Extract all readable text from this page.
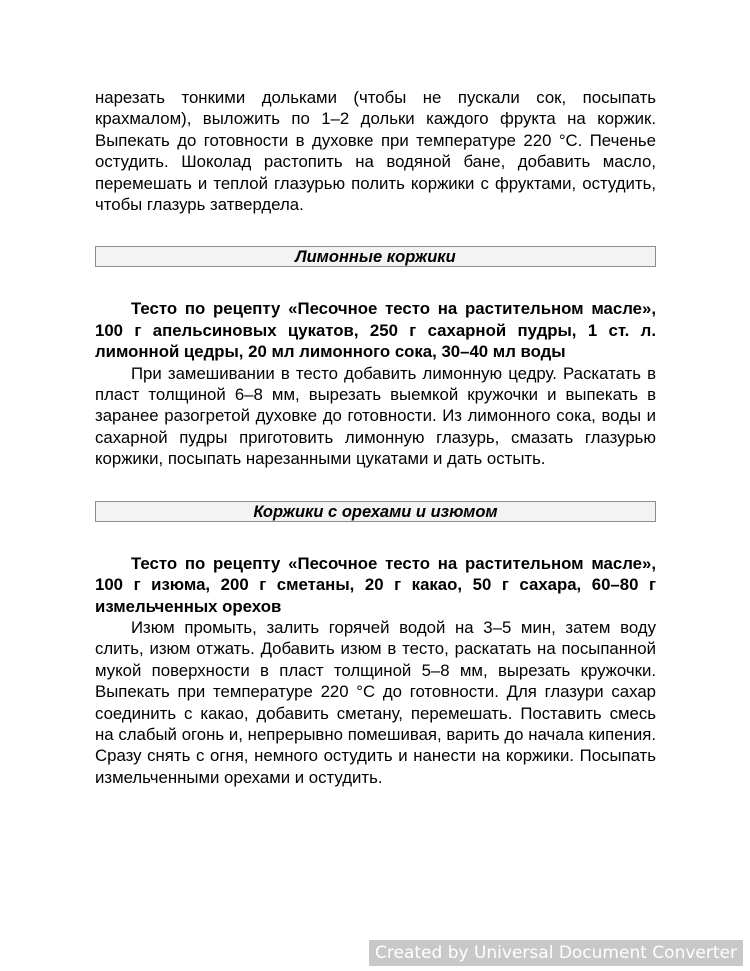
нарезать тонкими дольками (чтобы не пускали сок, посыпать крахмалом), выложить по 1–2 дольки каждого фрукта на коржик. Выпекать до готовности в духовке при температуре 220 °С. Печенье остудить. Шоколад растопить на водяной бане, добавить масло, перемешать и теплой глазурью полить коржики с фруктами, остудить, чтобы глазурь затвердела.

Лимонные коржики

Тесто по рецепту «Песочное тесто на растительном масле», 100 г апельсиновых цукатов, 250 г сахарной пудры, 1 ст. л. лимонной цедры, 20 мл лимонного сока, 30–40 мл воды

При замешивании в тесто добавить лимонную цедру. Раскатать в пласт толщиной 6–8 мм, вырезать выемкой кружочки и выпекать в заранее разогретой духовке до готовности. Из лимонного сока, воды и сахарной пудры приготовить лимонную глазурь, смазать глазурью коржики, посыпать нарезанными цукатами и дать остыть.

Коржики с орехами и изюмом

Тесто по рецепту «Песочное тесто на растительном масле», 100 г изюма, 200 г сметаны, 20 г какао, 50 г сахара, 60–80 г измельченных орехов

Изюм промыть, залить горячей водой на 3–5 мин, затем воду слить, изюм отжать. Добавить изюм в тесто, раскатать на посыпанной мукой поверхности в пласт толщиной 5–8 мм, вырезать кружочки. Выпекать при температуре 220 °С до готовности. Для глазури сахар соединить с какао, добавить сметану, перемешать. Поставить смесь на слабый огонь и, непрерывно помешивая, варить до начала кипения. Сразу снять с огня, немного остудить и нанести на коржики. Посыпать измельченными орехами и остудить.

Created by Universal Document Converter
